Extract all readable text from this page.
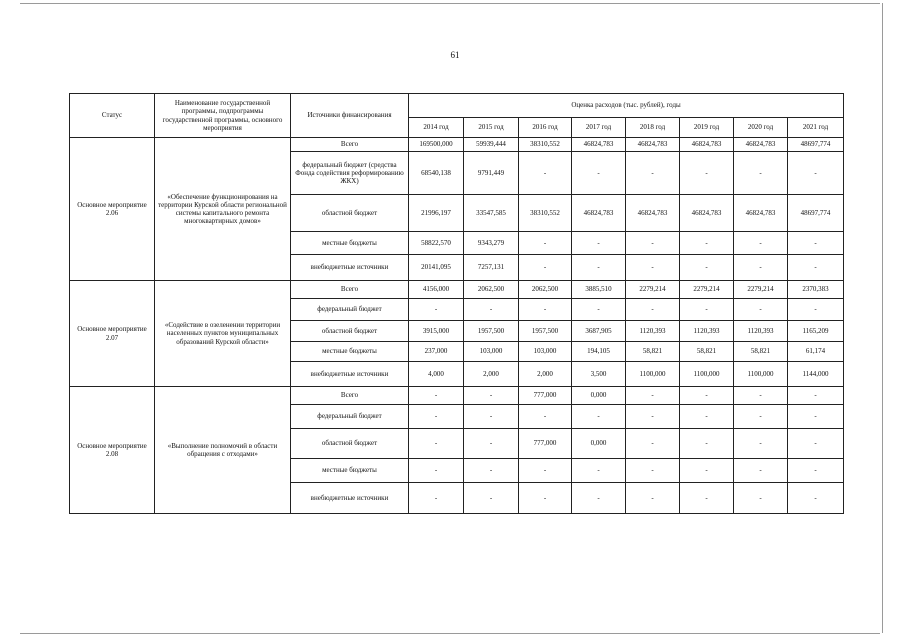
61
Статус	Наименование государственной программы, подпрограммы государственной программы, основного мероприятия	Источники финансирования	Оценка расходов (тыс. рублей), годы							
			2014 год	2015 год	2016 год	2017 год	2018 год	2019 год	2020 год	2021 год
Основное мероприятие 2.06	«Обеспечение функционирования на территории Курской области региональной системы капитального ремонта многоквартирных домов»	Всего	169500,000	59939,444	38310,552	46824,783	46824,783	46824,783	46824,783	48697,774
		федеральный бюджет (средства Фонда содействия реформированию ЖКХ)	68540,138	9791,449	-	-	-	-	-	-
		областной бюджет	21996,197	33547,585	38310,552	46824,783	46824,783	46824,783	46824,783	48697,774
		местные бюджеты	58822,570	9343,279	-	-	-	-	-	-
		внебюджетные источники	20141,095	7257,131	-	-	-	-	-	-
Основное мероприятие 2.07	«Содействие в озеленении территории населенных пунктов муниципальных образований Курской области»	Всего	4156,000	2062,500	2062,500	3885,510	2279,214	2279,214	2279,214	2370,383
		федеральный бюджет	-	-	-	-	-	-	-	-
		областной бюджет	3915,000	1957,500	1957,500	3687,905	1120,393	1120,393	1120,393	1165,209
		местные бюджеты	237,000	103,000	103,000	194,105	58,821	58,821	58,821	61,174
		внебюджетные источники	4,000	2,000	2,000	3,500	1100,000	1100,000	1100,000	1144,000
Основное мероприятие 2.08	«Выполнение полномочий в области обращения с отходами»	Всего	-	-	777,000	0,000	-	-	-	-
		федеральный бюджет	-	-	-	-	-	-	-	-
		областной бюджет	-	-	777,000	0,000	-	-	-	-
		местные бюджеты	-	-	-	-	-	-	-	-
		внебюджетные источники	-	-	-	-	-	-	-	-
